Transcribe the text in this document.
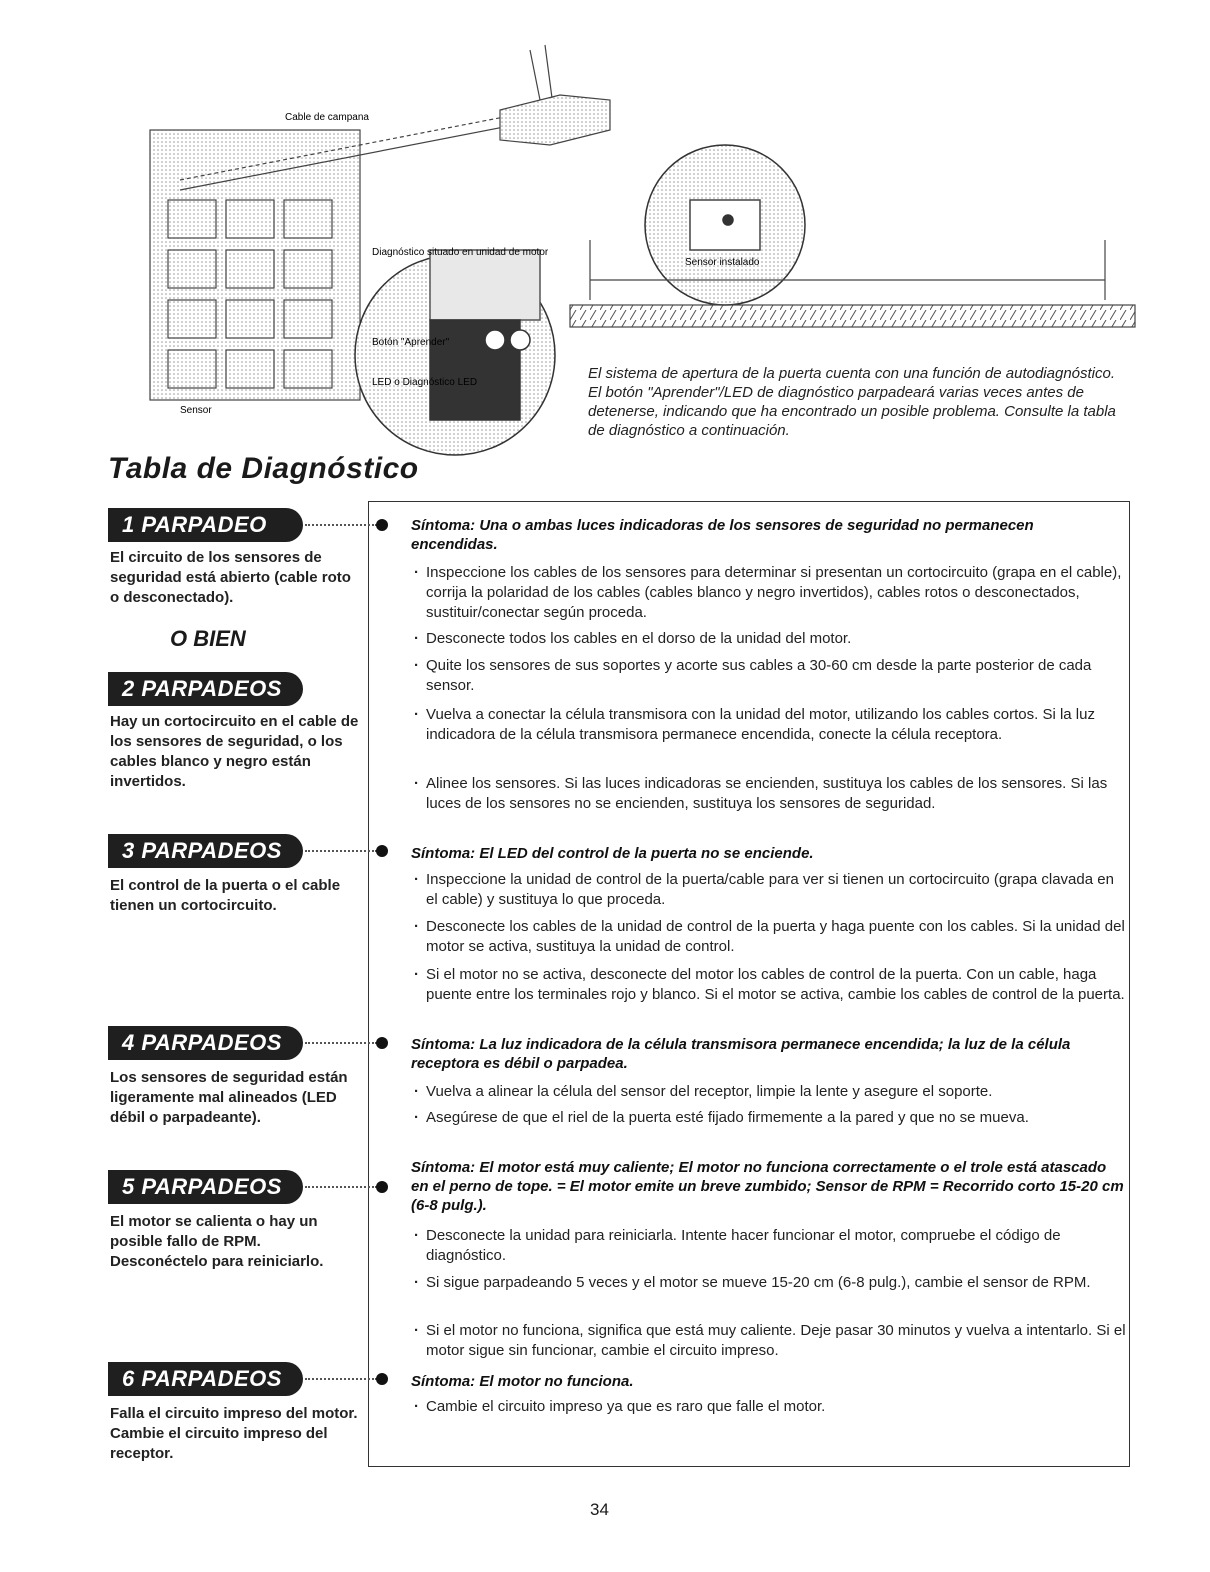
Cable de campana
Sensor
Diagnóstico situado en unidad de motor
Botón "Aprender"
LED o Diagnóstico LED
Sensor instalado
El sistema de apertura de la puerta cuenta con una función de autodiagnóstico. El botón "Aprender"/LED de diagnóstico parpadeará varias veces antes de detenerse, indicando que ha encontrado un posible problema. Consulte la tabla de diagnóstico a continuación.
Tabla de Diagnóstico
1 PARPADEO
El circuito de los sensores de seguridad está abierto (cable roto o desconectado).
O BIEN
2 PARPADEOS
Hay un cortocircuito en el cable de los sensores de seguridad, o los cables blanco y negro están invertidos.
3 PARPADEOS
El control de la puerta o el cable tienen un cortocircuito.
4 PARPADEOS
Los sensores de seguridad están ligeramente mal alineados (LED débil o parpadeante).
5 PARPADEOS
El motor se calienta o hay un posible fallo de RPM. Desconéctelo para reiniciarlo.
6 PARPADEOS
Falla el circuito impreso del motor. Cambie el circuito impreso del receptor.
Síntoma: Una o ambas luces indicadoras de los sensores de seguridad no permanecen encendidas.
· Inspeccione los cables de los sensores para determinar si presentan un cortocircuito (grapa en el cable), corrija la polaridad de los cables (cables blanco y negro invertidos), cables rotos o desconectados, sustituir/conectar según proceda.
· Desconecte todos los cables en el dorso de la unidad del motor.
· Quite los sensores de sus soportes y acorte sus cables a 30-60 cm desde la parte posterior de cada sensor.
· Vuelva a conectar la célula transmisora con la unidad del motor, utilizando los cables cortos. Si la luz indicadora de la célula transmisora permanece encendida, conecte la célula receptora.
· Alinee los sensores. Si las luces indicadoras se encienden, sustituya los cables de los sensores. Si las luces de los sensores no se encienden, sustituya los sensores de seguridad.
Síntoma: El LED del control de la puerta no se enciende.
· Inspeccione la unidad de control de la puerta/cable para ver si tienen un cortocircuito (grapa clavada en el cable) y sustituya lo que proceda.
· Desconecte los cables de la unidad de control de la puerta y haga puente con los cables. Si la unidad del motor se activa, sustituya la unidad de control.
· Si el motor no se activa, desconecte del motor los cables de control de la puerta. Con un cable, haga puente entre los terminales rojo y blanco. Si el motor se activa, cambie los cables de control de la puerta.
Síntoma: La luz indicadora de la célula transmisora permanece encendida; la luz de la célula receptora es débil o parpadea.
· Vuelva a alinear la célula del sensor del receptor, limpie la lente y asegure el soporte.
· Asegúrese de que el riel de la puerta esté fijado firmemente a la pared y que no se mueva.
Síntoma: El motor está muy caliente; El motor no funciona correctamente o el trole está atascado en el perno de tope. = El motor emite un breve zumbido; Sensor de RPM = Recorrido corto 15-20 cm (6-8 pulg.).
· Desconecte la unidad para reiniciarla. Intente hacer funcionar el motor, compruebe el código de diagnóstico.
· Si sigue parpadeando 5 veces y el motor se mueve 15-20 cm (6-8 pulg.), cambie el sensor de RPM.
· Si el motor no funciona, significa que está muy caliente. Deje pasar 30 minutos y vuelva a intentarlo. Si el motor sigue sin funcionar, cambie el circuito impreso.
Síntoma: El motor no funciona.
· Cambie el circuito impreso ya que es raro que falle el motor.
34
